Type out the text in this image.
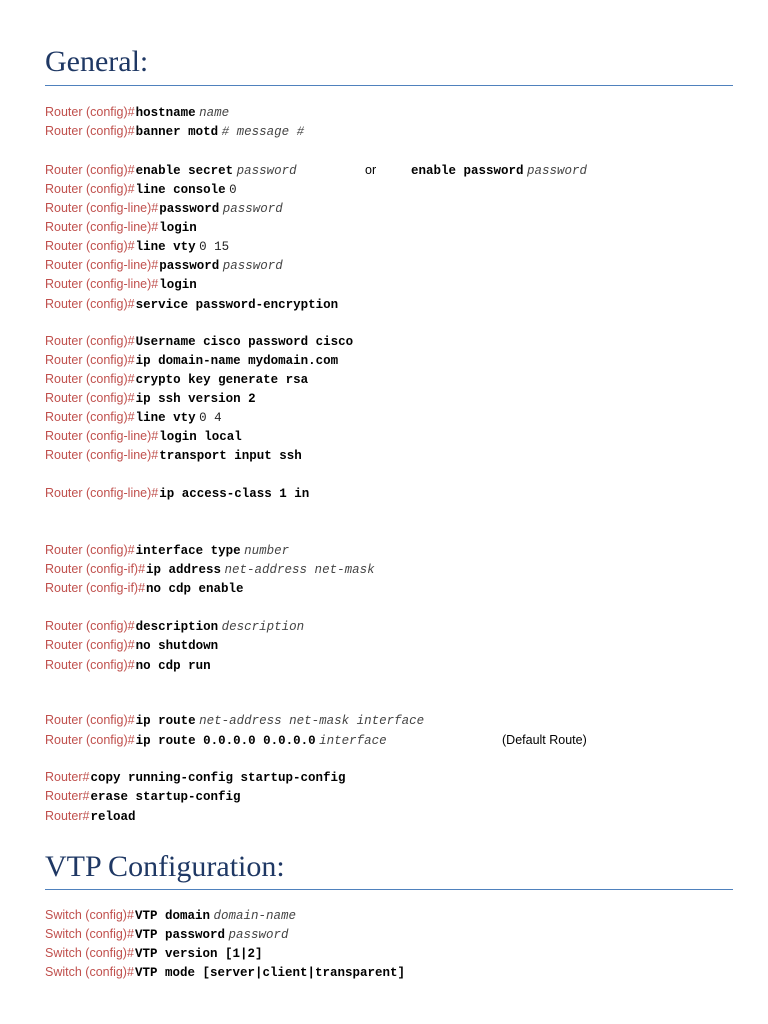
General:
VTP Configuration:
Router (config)#hostname name
Router (config)#banner motd # message #
Router (config)#enable secret password	or	enable password password
Router (config)#line console 0
Router (config-line)#password password
Router (config-line)#login
Router (config)#line vty 0 15
Router (config-line)#password password
Router (config-line)#login
Router (config)#service password-encryption
Router (config)#Username cisco password cisco
Router (config)#ip domain-name mydomain.com
Router (config)#crypto key generate rsa
Router (config)#ip ssh version 2
Router (config)#line vty 0 4
Router (config-line)#login local
Router (config-line)#transport input ssh
Router (config-line)#ip access-class 1 in
Router (config)#interface type number
Router (config-if)#ip address net-address net-mask
Router (config-if)#no cdp enable
Router (config)#description description
Router (config)#no shutdown
Router (config)#no cdp run
Router (config)#ip route net-address net-mask interface
Router (config)#ip route 0.0.0.0 0.0.0.0 interface	(Default Route)
Router#copy running-config startup-config
Router#erase startup-config
Router#reload
Switch (config)#VTP domain domain-name
Switch (config)#VTP password password
Switch (config)#VTP version [1|2]
Switch (config)#VTP mode [server|client|transparent]
